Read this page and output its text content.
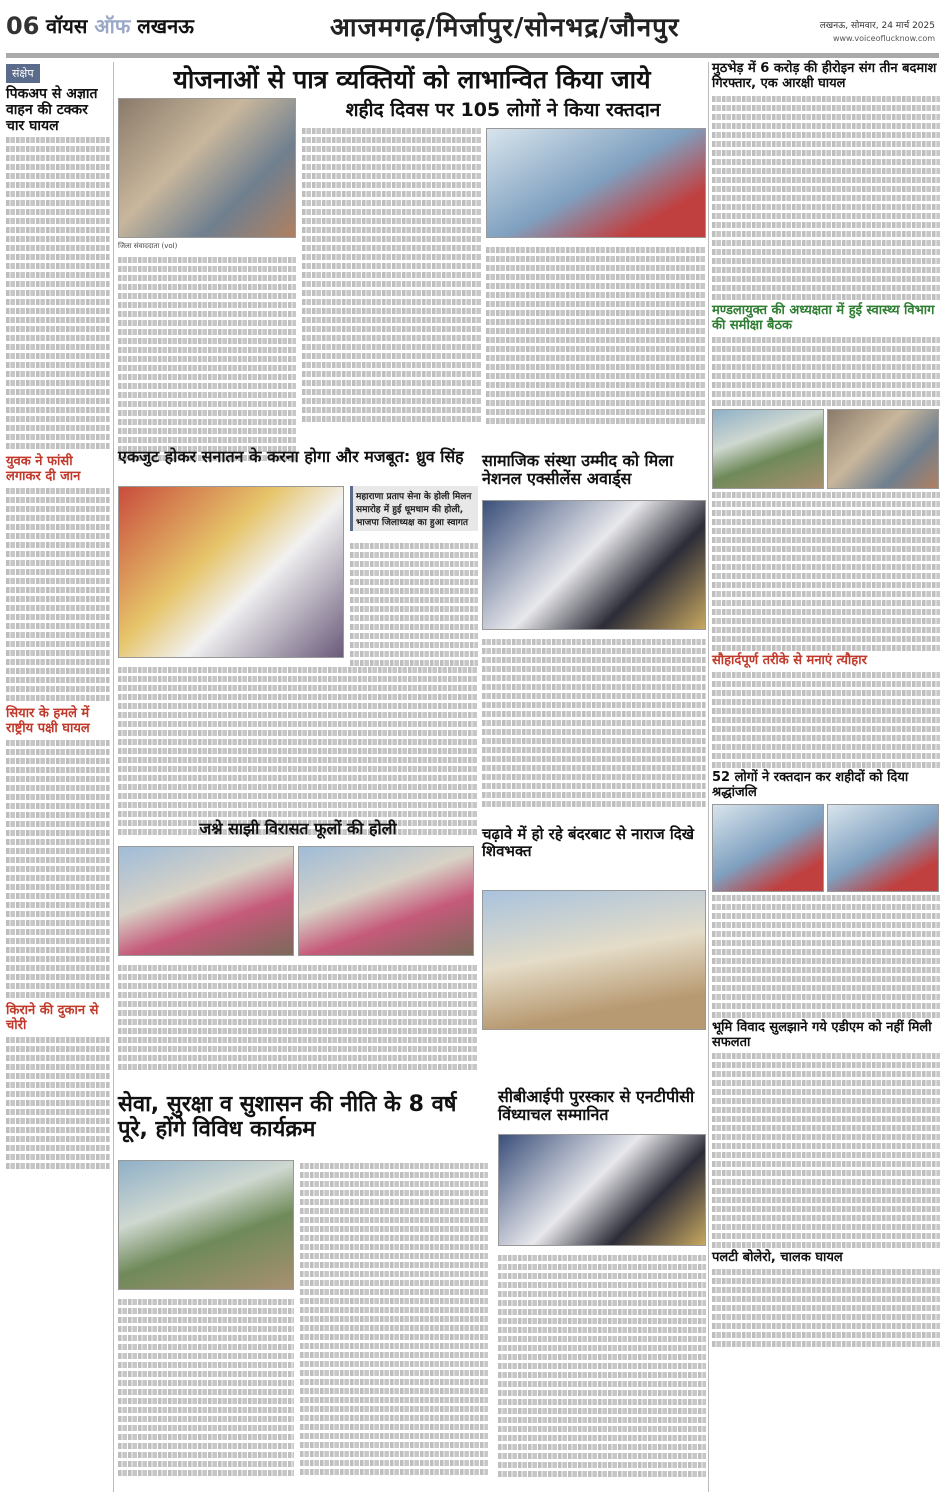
06 वॉयस ऑफ लखनऊ	आजमगढ़/मिर्जापुर/सोनभद्र/जौनपुर	लखनऊ, सोमवार, 24 मार्च 2025
www.voiceoflucknow.com
संक्षेप
पिकअप से अज्ञात वाहन की टक्कर चार घायल
युवक ने फांसी लगाकर दी जान
सियार के हमले में राष्ट्रीय पक्षी घायल
किराने की दुकान से चोरी
योजनाओं से पात्र व्यक्तियों को लाभान्वित किया जाये
शहीद दिवस पर 105 लोगों ने किया रक्तदान
जिला संवाददाता (vol)
एकजुट होकर सनातन के करना होगा और मजबूत: ध्रुव सिंह
महाराणा प्रताप सेना के होली मिलन समारोह में हुई धूमधाम की होली, भाजपा जिलाध्यक्ष का हुआ स्वागत
सामाजिक संस्था उम्मीद को मिला नेशनल एक्सीलेंस अवार्ड्स
जश्ने साझी विरासत फूलों की होली	चढ़ावे में हो रहे बंदरबाट से नाराज दिखे शिवभक्त
सेवा, सुरक्षा व सुशासन की नीति के 8 वर्ष पूरे, होंगे विविध कार्यक्रम
सीबीआईपी पुरस्कार से एनटीपीसी विंध्याचल सम्मानित
मुठभेड़ में 6 करोड़ की हीरोइन संग तीन बदमाश गिरफ्तार, एक आरक्षी घायल
मण्डलायुक्त की अध्यक्षता में हुई स्वास्थ्य विभाग की समीक्षा बैठक
सौहार्दपूर्ण तरीके से मनाएं त्यौहार
52 लोगों ने रक्तदान कर शहीदों को दिया श्रद्धांजलि
भूमि विवाद सुलझाने गये एडीएम को नहीं मिली सफलता
पलटी बोलेरो, चालक घायल
